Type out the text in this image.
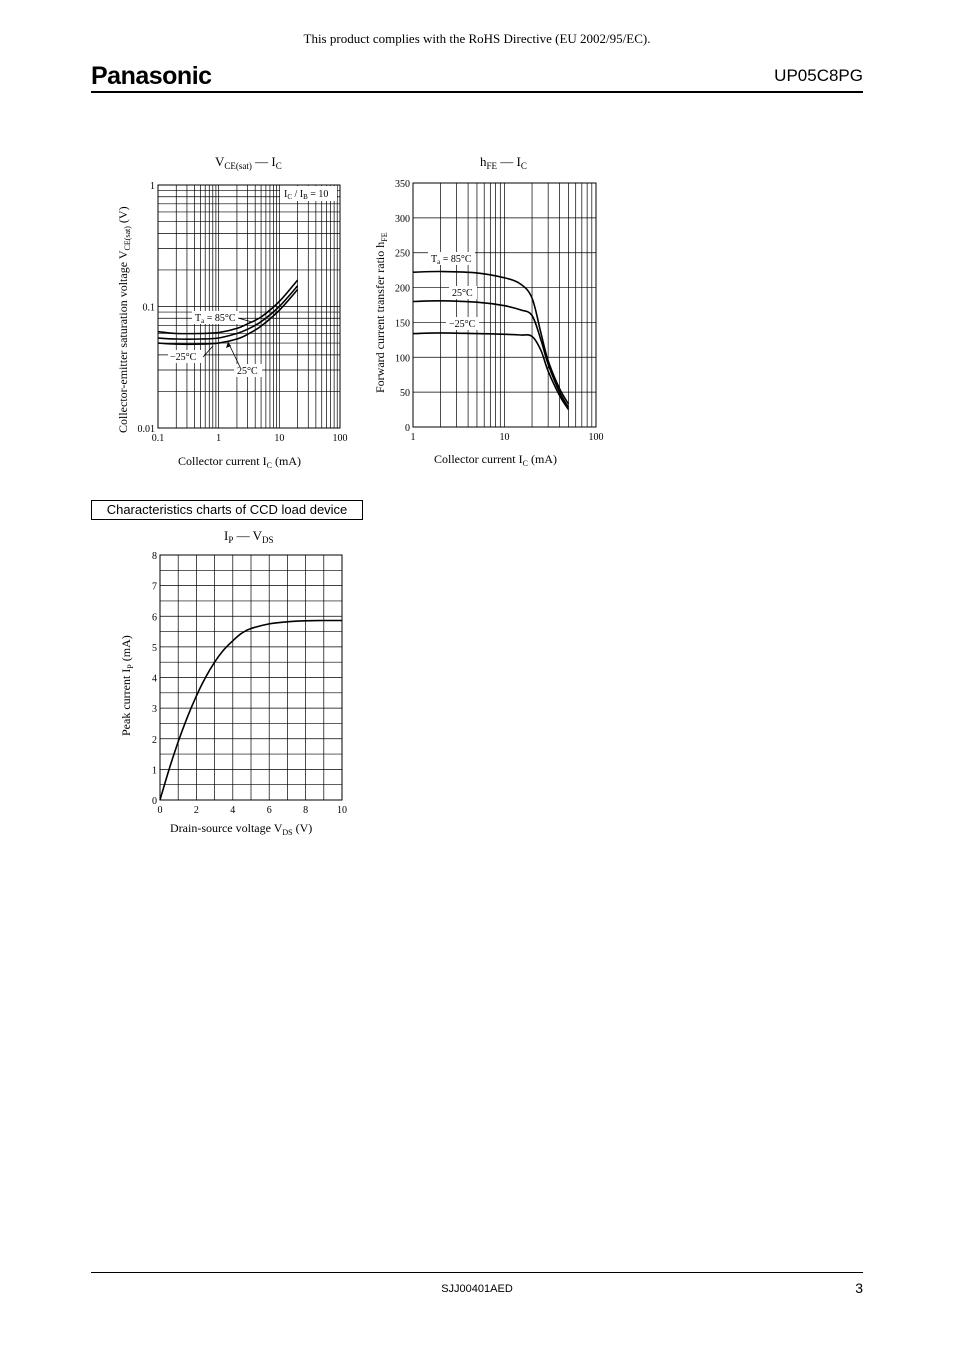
This product complies with the RoHS Directive (EU 2002/95/EC).
Panasonic	UP05C8PG
$V_{CE(sat)}$ — $I_C$
0.1	1	10	100
0.01
0.1
1
Collector-emitter saturation voltage $V_{CE(sat)}$ (V)
Collector current $I_C$ (mA)
$I_C / I_B = 10$
$T_a = 85^\circ C$
−25°C
25°C
$h_{FE}$ — $I_C$
1	10	100
0
50
100
150
200
250
300
350
Forward current transfer ratio $h_{FE}$
Collector current $I_C$ (mA)
$T_a = 85^\circ C$
25°C
−25°C
Characteristics charts of CCD load device
$I_P$ — $V_{DS}$
0	2	4	6	8	10
0
1
2
3
4
5
6
7
8
Peak current $I_P$ (mA)
Drain-source voltage $V_{DS}$ (V)
SJJ00401AED	3
